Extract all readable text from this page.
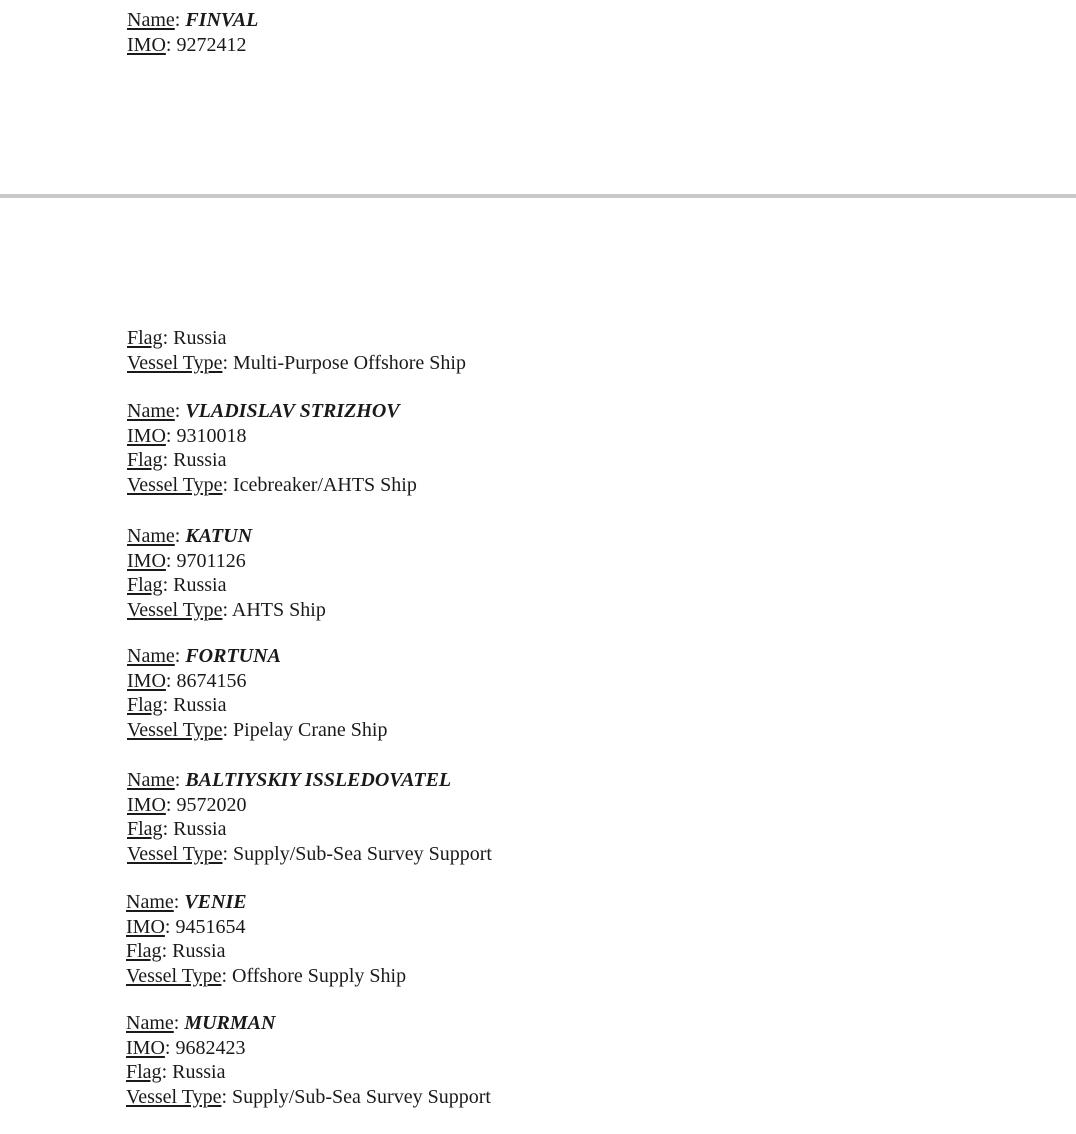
Name: FINVAL
IMO: 9272412
Flag: Russia
Vessel Type: Multi-Purpose Offshore Ship
Name: VLADISLAV STRIZHOV
IMO: 9310018
Flag: Russia
Vessel Type: Icebreaker/AHTS Ship
Name: KATUN
IMO: 9701126
Flag: Russia
Vessel Type: AHTS Ship
Name: FORTUNA
IMO: 8674156
Flag: Russia
Vessel Type: Pipelay Crane Ship
Name: BALTIYSKIY ISSLEDOVATEL
IMO: 9572020
Flag: Russia
Vessel Type: Supply/Sub-Sea Survey Support
Name: VENIE
IMO: 9451654
Flag: Russia
Vessel Type: Offshore Supply Ship
Name: MURMAN
IMO: 9682423
Flag: Russia
Vessel Type: Supply/Sub-Sea Survey Support
